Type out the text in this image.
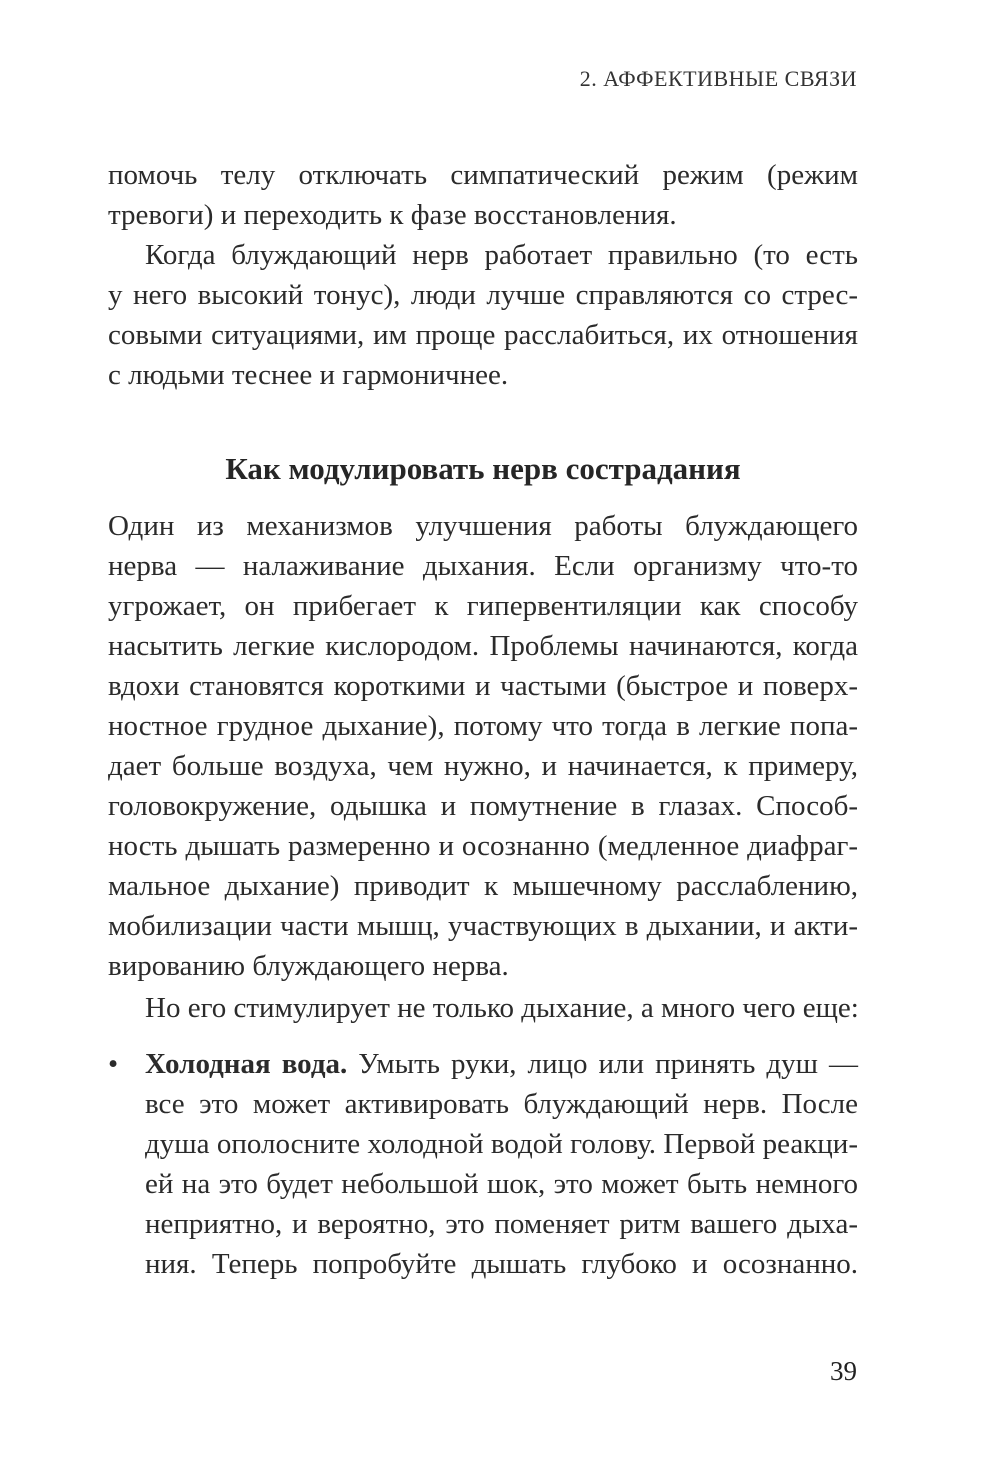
2. АФФЕКТИВНЫЕ СВЯЗИ
помочь телу отключать симпатический режим (режим
тревоги) и переходить к фазе восстановления.
Когда блуждающий нерв работает правильно (то есть
у него высокий тонус), люди лучше справляются со стрес-
совыми ситуациями, им проще расслабиться, их отношения
с людьми теснее и гармоничнее.
Как модулировать нерв сострадания
Один из механизмов улучшения работы блуждающего
нерва — налаживание дыхания. Если организму что-то
угрожает, он прибегает к гипервентиляции как способу
насытить легкие кислородом. Проблемы начинаются, когда
вдохи становятся короткими и частыми (быстрое и поверх-
ностное грудное дыхание), потому что тогда в легкие попа-
дает больше воздуха, чем нужно, и начинается, к примеру,
головокружение, одышка и помутнение в глазах. Способ-
ность дышать размеренно и осознанно (медленное диафраг-
мальное дыхание) приводит к мышечному расслаблению,
мобилизации части мышц, участвующих в дыхании, и акти-
вированию блуждающего нерва.
Но его стимулирует не только дыхание, а много чего еще:
• Холодная вода. Умыть руки, лицо или принять душ —
все это может активировать блуждающий нерв. После
душа ополосните холодной водой голову. Первой реакци-
ей на это будет небольшой шок, это может быть немного
неприятно, и вероятно, это поменяет ритм вашего дыха-
ния. Теперь попробуйте дышать глубоко и осознанно.
39
